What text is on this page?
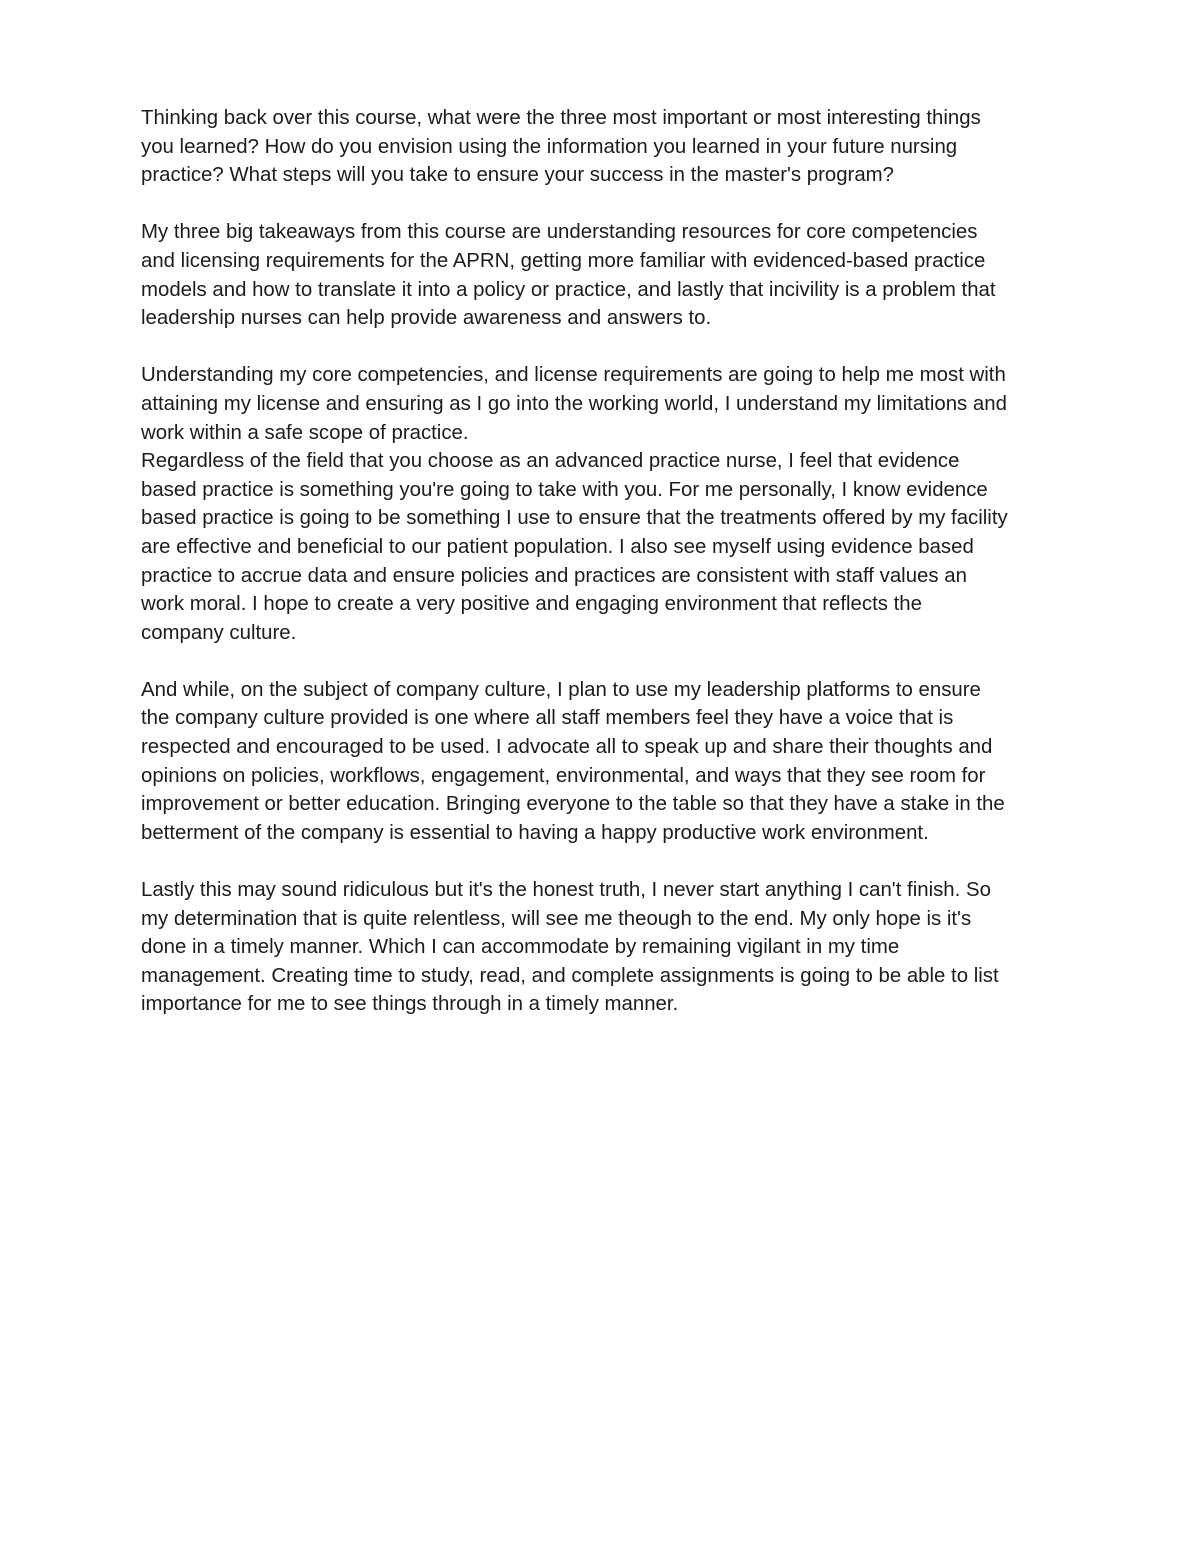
Thinking back over this course, what were the three most important or most interesting things
you learned? How do you envision using the information you learned in your future nursing
practice? What steps will you take to ensure your success in the master's program?
My three big takeaways from this course are understanding resources for core competencies
and licensing requirements for the APRN, getting more familiar with evidenced-based practice
models and how to translate it into a policy or practice, and lastly that incivility is a problem that
leadership nurses can help provide awareness and answers to.
Understanding my core competencies, and license requirements are going to help me most with
attaining my license and ensuring as I go into the working world, I understand my limitations and
work within a safe scope of practice.
Regardless of the field that you choose as an advanced practice nurse, I feel that evidence
based practice is something you're going to take with you. For me personally, I know evidence
based practice is going to be something I use to ensure that the treatments offered by my facility
are effective and beneficial to our patient population. I also see myself using evidence based
practice to accrue data and ensure policies and practices are consistent with staff values an
work moral. I hope to create a very positive and engaging environment that reflects the
company culture.
And while, on the subject of company culture, I plan to use my leadership platforms to ensure
the company culture provided is one where all staff members feel they have a voice that is
respected and encouraged to be used. I advocate all to speak up and share their thoughts and
opinions on policies, workflows, engagement, environmental, and ways that they see room for
improvement or better education. Bringing everyone to the table so that they have a stake in the
betterment of the company is essential to having a happy productive work environment.
Lastly this may sound ridiculous but it's the honest truth, I never start anything I can't finish. So
my determination that is quite relentless, will see me theough to the end. My only hope is it's
done in a timely manner. Which I can accommodate by remaining vigilant in my time
management. Creating time to study, read, and complete assignments is going to be able to list
importance for me to see things through in a timely manner.
